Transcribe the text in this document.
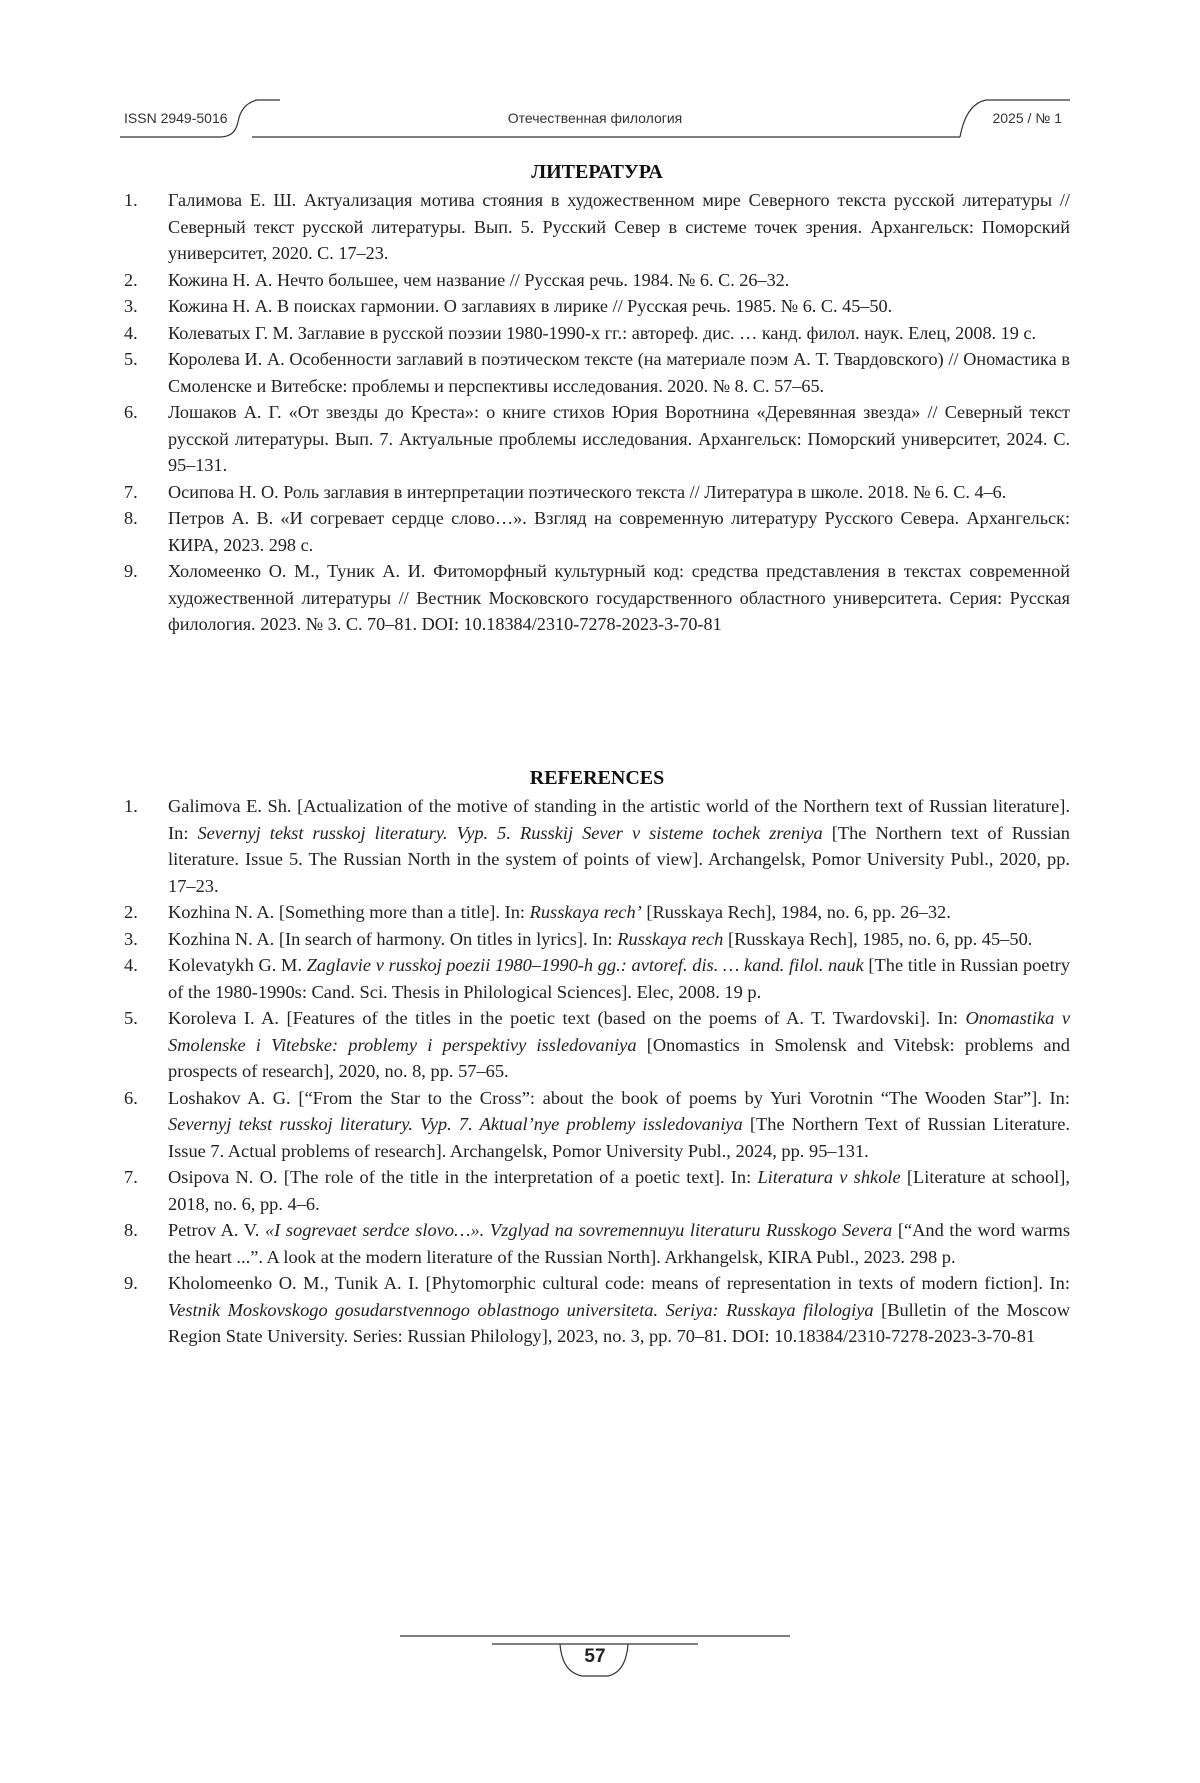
ISSN 2949-5016	Отечественная филология	2025 / № 1
ЛИТЕРАТУРА
1. Галимова Е. Ш. Актуализация мотива стояния в художественном мире Северного текста русской литературы // Северный текст русской литературы. Вып. 5. Русский Север в системе точек зрения. Архангельск: Поморский университет, 2020. С. 17–23.
2. Кожина Н. А. Нечто большее, чем название // Русская речь. 1984. № 6. С. 26–32.
3. Кожина Н. А. В поисках гармонии. О заглавиях в лирике // Русская речь. 1985. № 6. С. 45–50.
4. Колеватых Г. М. Заглавие в русской поэзии 1980-1990-х гг.: автореф. дис. … канд. филол. наук. Елец, 2008. 19 с.
5. Королева И. А. Особенности заглавий в поэтическом тексте (на материале поэм А. Т. Твардовского) // Ономастика в Смоленске и Витебске: проблемы и перспективы исследования. 2020. № 8. С. 57–65.
6. Лошаков А. Г. «От звезды до Креста»: о книге стихов Юрия Воротнина «Деревянная звезда» // Северный текст русской литературы. Вып. 7. Актуальные проблемы исследования. Архангельск: Поморский университет, 2024. С. 95–131.
7. Осипова Н. О. Роль заглавия в интерпретации поэтического текста // Литература в школе. 2018. № 6. С. 4–6.
8. Петров А. В. «И согревает сердце слово…». Взгляд на современную литературу Русского Севера. Архангельск: КИРА, 2023. 298 с.
9. Холомеенко О. М., Туник А. И. Фитоморфный культурный код: средства представления в текстах современной художественной литературы // Вестник Московского государственного областного университета. Серия: Русская филология. 2023. № 3. С. 70–81. DOI: 10.18384/2310-7278-2023-3-70-81
REFERENCES
1. Galimova E. Sh. [Actualization of the motive of standing in the artistic world of the Northern text of Russian literature]. In: Severnyj tekst russkoj literatury. Vyp. 5. Russkij Sever v sisteme tochek zreniya [The Northern text of Russian literature. Issue 5. The Russian North in the system of points of view]. Archangelsk, Pomor University Publ., 2020, pp. 17–23.
2. Kozhina N. A. [Something more than a title]. In: Russkaya rech’ [Russkaya Rech], 1984, no. 6, pp. 26–32.
3. Kozhina N. A. [In search of harmony. On titles in lyrics]. In: Russkaya rech [Russkaya Rech], 1985, no. 6, pp. 45–50.
4. Kolevatykh G. M. Zaglavie v russkoj poezii 1980–1990-h gg.: avtoref. dis. … kand. filol. nauk [The title in Russian poetry of the 1980-1990s: Cand. Sci. Thesis in Philological Sciences]. Elec, 2008. 19 p.
5. Koroleva I. A. [Features of the titles in the poetic text (based on the poems of A. T. Twardovski]. In: Onomastika v Smolenske i Vitebske: problemy i perspektivy issledovaniya [Onomastics in Smolensk and Vitebsk: problems and prospects of research], 2020, no. 8, pp. 57–65.
6. Loshakov A. G. [“From the Star to the Cross”: about the book of poems by Yuri Vorotnin “The Wooden Star”]. In: Severnyj tekst russkoj literatury. Vyp. 7. Aktual’nye problemy issledovaniya [The Northern Text of Russian Literature. Issue 7. Actual problems of research]. Archangelsk, Pomor University Publ., 2024, pp. 95–131.
7. Osipova N. O. [The role of the title in the interpretation of a poetic text]. In: Literatura v shkole [Literature at school], 2018, no. 6, pp. 4–6.
8. Petrov A. V. «I sogrevaet serdce slovo…». Vzglyad na sovremennuyu literaturu Russkogo Severa [“And the word warms the heart ...”. A look at the modern literature of the Russian North]. Arkhangelsk, KIRA Publ., 2023. 298 p.
9. Kholomeenko O. M., Tunik A. I. [Phytomorphic cultural code: means of representation in texts of modern fiction]. In: Vestnik Moskovskogo gosudarstvennogo oblastnogo universiteta. Seriya: Russkaya filologiya [Bulletin of the Moscow Region State University. Series: Russian Philology], 2023, no. 3, pp. 70–81. DOI: 10.18384/2310-7278-2023-3-70-81
57
